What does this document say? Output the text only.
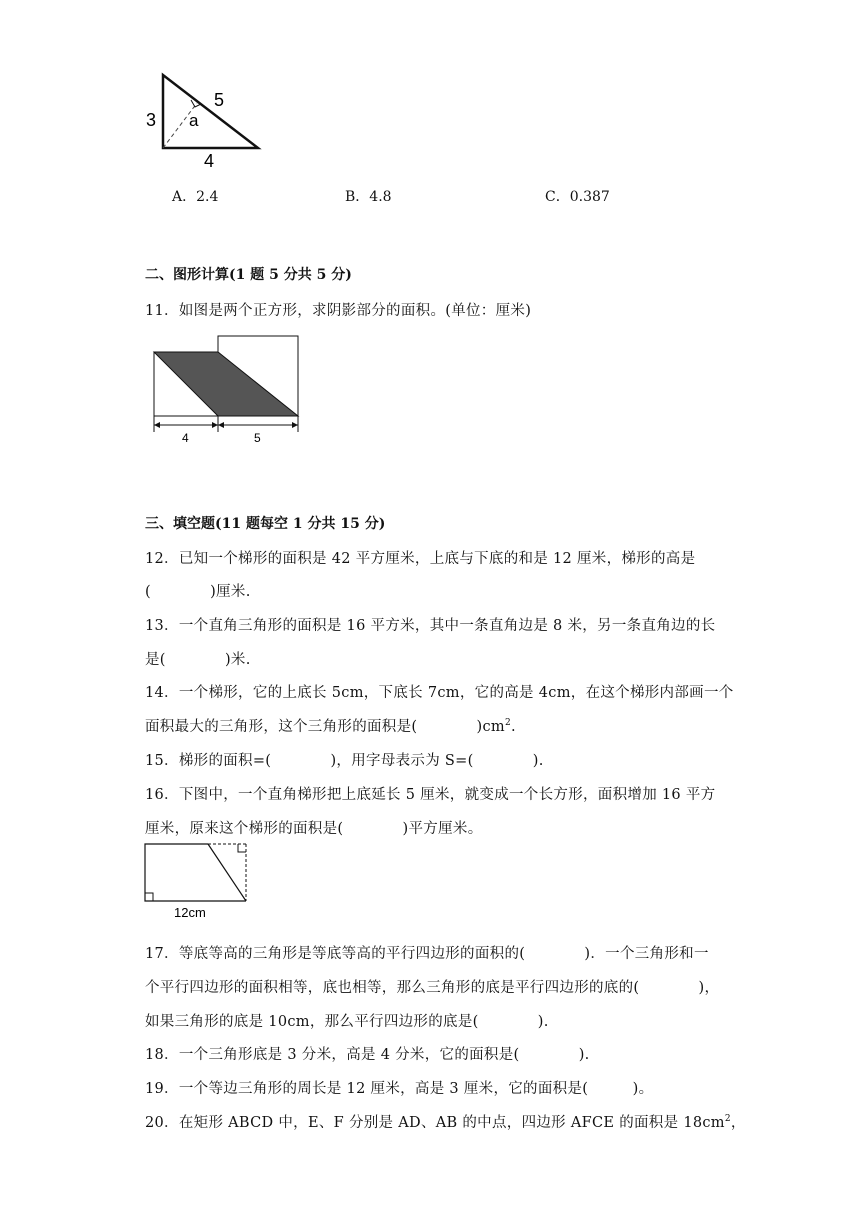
3
5
a
4
A．2.4	B．4.8	C．0.387
二、图形计算(1 题 5 分共 5 分)
11．如图是两个正方形，求阴影部分的面积。(单位：厘米)
4	5
三、填空题(11 题每空 1 分共 15 分)
12．已知一个梯形的面积是 42 平方厘米，上底与下底的和是 12 厘米，梯形的高是
(　　　　)厘米.
13．一个直角三角形的面积是 16 平方米，其中一条直角边是 8 米，另一条直角边的长
是(　　　　)米.
14．一个梯形，它的上底长 5cm，下底长 7cm，它的高是 4cm，在这个梯形内部画一个
面积最大的三角形，这个三角形的面积是(　　　　)$cm^2$.
15．梯形的面积=(　　　　)，用字母表示为 S=(　　　　).
16．下图中，一个直角梯形把上底延长 5 厘米，就变成一个长方形，面积增加 16 平方
厘米，原来这个梯形的面积是(　　　　)平方厘米。
12cm
17．等底等高的三角形是等底等高的平行四边形的面积的(　　　　)．一个三角形和一
个平行四边形的面积相等，底也相等，那么三角形的底是平行四边形的底的(　　　　)，
如果三角形的底是 10cm，那么平行四边形的底是(　　　　).
18．一个三角形底是 3 分米，高是 4 分米，它的面积是(　　　　).
19．一个等边三角形的周长是 12 厘米，高是 3 厘米，它的面积是(　　　)。
20．在矩形 ABCD 中，E、F 分别是 AD、AB 的中点，四边形 AFCE 的面积是 $18cm^2$，
